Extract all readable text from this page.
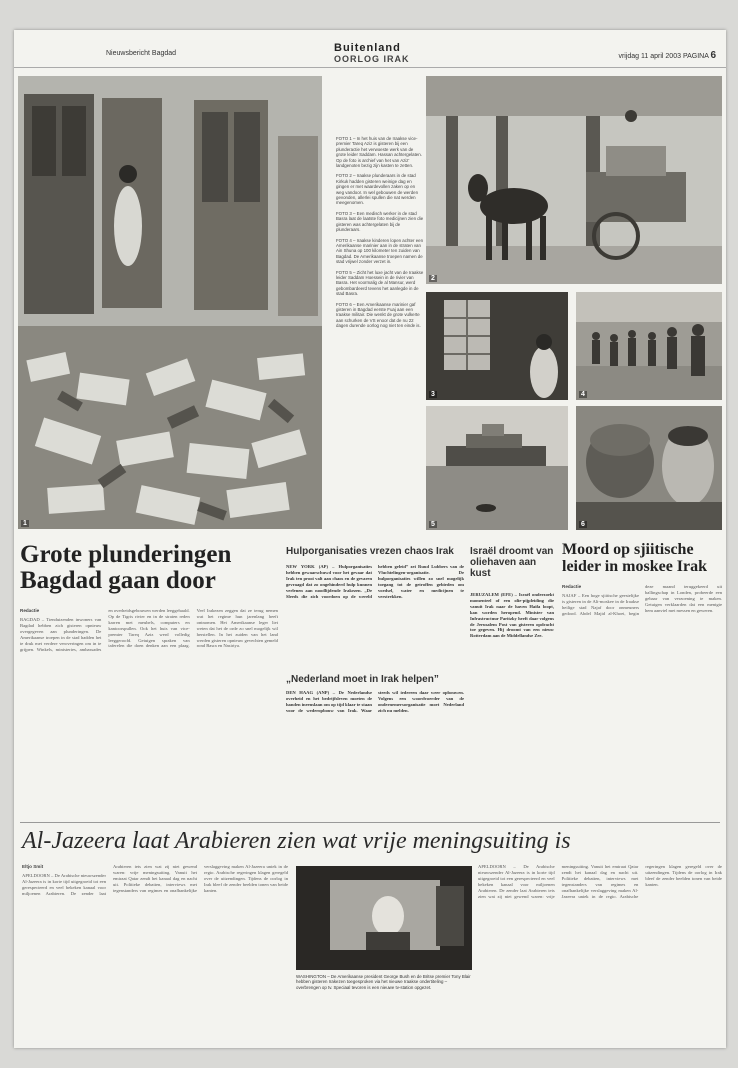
Nieuwsbericht Bagdad	Buitenland
OORLOG IRAK	vrijdag 11 april 2003 PAGINA 6
1

FOTO 1 – In het huis van de Iraakse vice-premier Tareq Aziz is gisteren bij een plunderactie het verwoeste werk van de grote leider Saddam. Hassan achtergelaten. Op de foto is archief van het van Aziz' landgenoten bezig zijn kasten te zetten.

FOTO 2 – Iraakse plunderaars in de stad Kirkuk hadden gisteren weinige dag en gingen er met waardevollen zaken op en weg vandoor. In wel gebouwen de werden gevonden, allerlei spullen die nat werden meegenomen.

FOTO 3 – Een medisch werker in de stad Basra laat de laatste foto medicijnen zien die gisteren was achtergelaten bij de plunderaars.

FOTO 4 – Iraakse kinderen lopen achter een Amerikaanse marinier aan in de straten van Ain Shuna op 100 kilometer ten zuiden van Bagdad. De Amerikaanse troepen namen de stad vrijwel zonder verzet in.

FOTO 5 – Zicht het luxe jacht van de Iraakse leider Saddam Hoessein in de rivier van Basra. Het voormalig de al Mansur, werd gebombardeerd tevens het aanlegde in de stad Basra.

FOTO 6 – Een Amerikaanse marinier gaf gisteren in Bagdad eerste Fuaj aan een Iraakse militair. Die wenkt de grote vulkerte aan schurken de VS enoor dat de nu 22 dagen durende oorlog nog niet ten einde is.

2
3	4
5	6
Grote plunderingen Bagdad gaan door
Redactie
BAGDAD – Tienduizenden inwoners van Bagdad hebben zich gisteren opnieuw overgegeven aan plunderingen. De Amerikaanse troepen in de stad hadden het te druk met verdere veroveringen om in te grijpen. Winkels, ministeries, ambassades en overheidsgebouwen werden leeggehaald. Op de Tigris rivier en in de straten reden karren met meubels, computers en kantoorspullen. Ook het huis van vice-premier Tareq Aziz werd volledig leeggeroofd. Getuigen spraken van taferelen die doen denken aan een plaag. Veel Irakezen zeggen dat ze terug nemen wat het regime hun jarenlang heeft ontnomen. Het Amerikaanse leger liet weten dat het de orde zo snel mogelijk wil herstellen. In het zuiden van het land werden gisteren opnieuw gevechten gemeld rond Basra en Nasiriya.
Hulporganisaties vrezen chaos Irak
NEW YORK (AP) – Hulporganisaties hebben gewaarschuwd voor het gevaar dat Irak ten prooi valt aan chaos en de gevaren gevraagd dat zo ongehinderd hulp kunnen verlenen aan noodlijdende Irakezen. „De Sleeds die zich voordoen op de wereld hebben geleid” zei Ruud Lubbers van de Vluchtelingen-organisatie. De hulporganisaties willen zo snel mogelijk toegang tot de getroffen gebieden om voedsel, water en medicijnen te verstrekken.
„Nederland moet in Irak helpen”
DEN HAAG (ANP) – De Nederlandse overheid en het bedrijfsleven moeten de handen ineenslaan om op tijd klaar te staan voor de wederopbouw van Irak. Waar steeds wil iedereen daar weer opbouwen. Volgens een woordvoerder van de ondernemersorganisatie moet Nederland zich nu melden.
Israël droomt van oliehaven aan kust
JERUZALEM (EFE) – Israël onderzoekt momenteel of een olie-pijpleiding die vanuit Irak naar de haven Haifa loopt, kan worden heropend. Minister van Infrastructuur Paritzky heeft daar volgens de Jerusalem Post van gisteren opdracht toe gegeven. Hij droomt van een nieuw Rotterdam aan de Middellandse Zee.
Moord op sjiitische leider in moskee Irak
Redactie
NAJAF – Een hoge sjiitische geestelijke is gisteren in de Ali-moskee in de Iraakse heilige stad Najaf door onmeuners gedood. Abdel Majid al-Khoei, begin deze maand teruggekeerd uit ballingschap in Londen, probeerde een gebaar van verzoening te maken. Getuigen verklaarden dat een menigte hem aanviel met messen en geweren.
Al-Jazeera laat Arabieren zien wat vrije meningsuiting is
Eltjo Smit
APELDOORN – De Arabische nieuwszender Al-Jazeera is in korte tijd uitgegroeid tot een gerespecteerd en veel bekeken kanaal voor miljoenen Arabieren. De zender laat Arabieren iets zien wat zij niet gewend waren: vrije meningsuiting. Vanuit het emiraat Qatar zendt het kanaal dag en nacht uit. Politieke debatten, interviews met tegenstanders van regimes en onafhankelijke verslaggeving maken Al-Jazeera uniek in de regio. Arabische regeringen klagen geregeld over de uitzendingen. Tijdens de oorlog in Irak bleef de zender beelden tonen van beide kanten.
WASHINGTON – De Amerikaanse president George Bush en de Britse premier Tony Blair hebben gisteren Irakezen toegesproken via het nieuwe Iraakse ondertiteling – overbrengen op tv. Speciaal tevoren is een nieuwe tv-station opgezet.
APELDOORN – De Arabische nieuwszender Al-Jazeera is in korte tijd uitgegroeid tot een gerespecteerd en veel bekeken kanaal voor miljoenen Arabieren. De zender laat Arabieren iets zien wat zij niet gewend waren: vrije meningsuiting. Vanuit het emiraat Qatar zendt het kanaal dag en nacht uit. Politieke debatten, interviews met tegenstanders van regimes en onafhankelijke verslaggeving maken Al-Jazeera uniek in de regio. Arabische regeringen klagen geregeld over de uitzendingen. Tijdens de oorlog in Irak bleef de zender beelden tonen van beide kanten.
